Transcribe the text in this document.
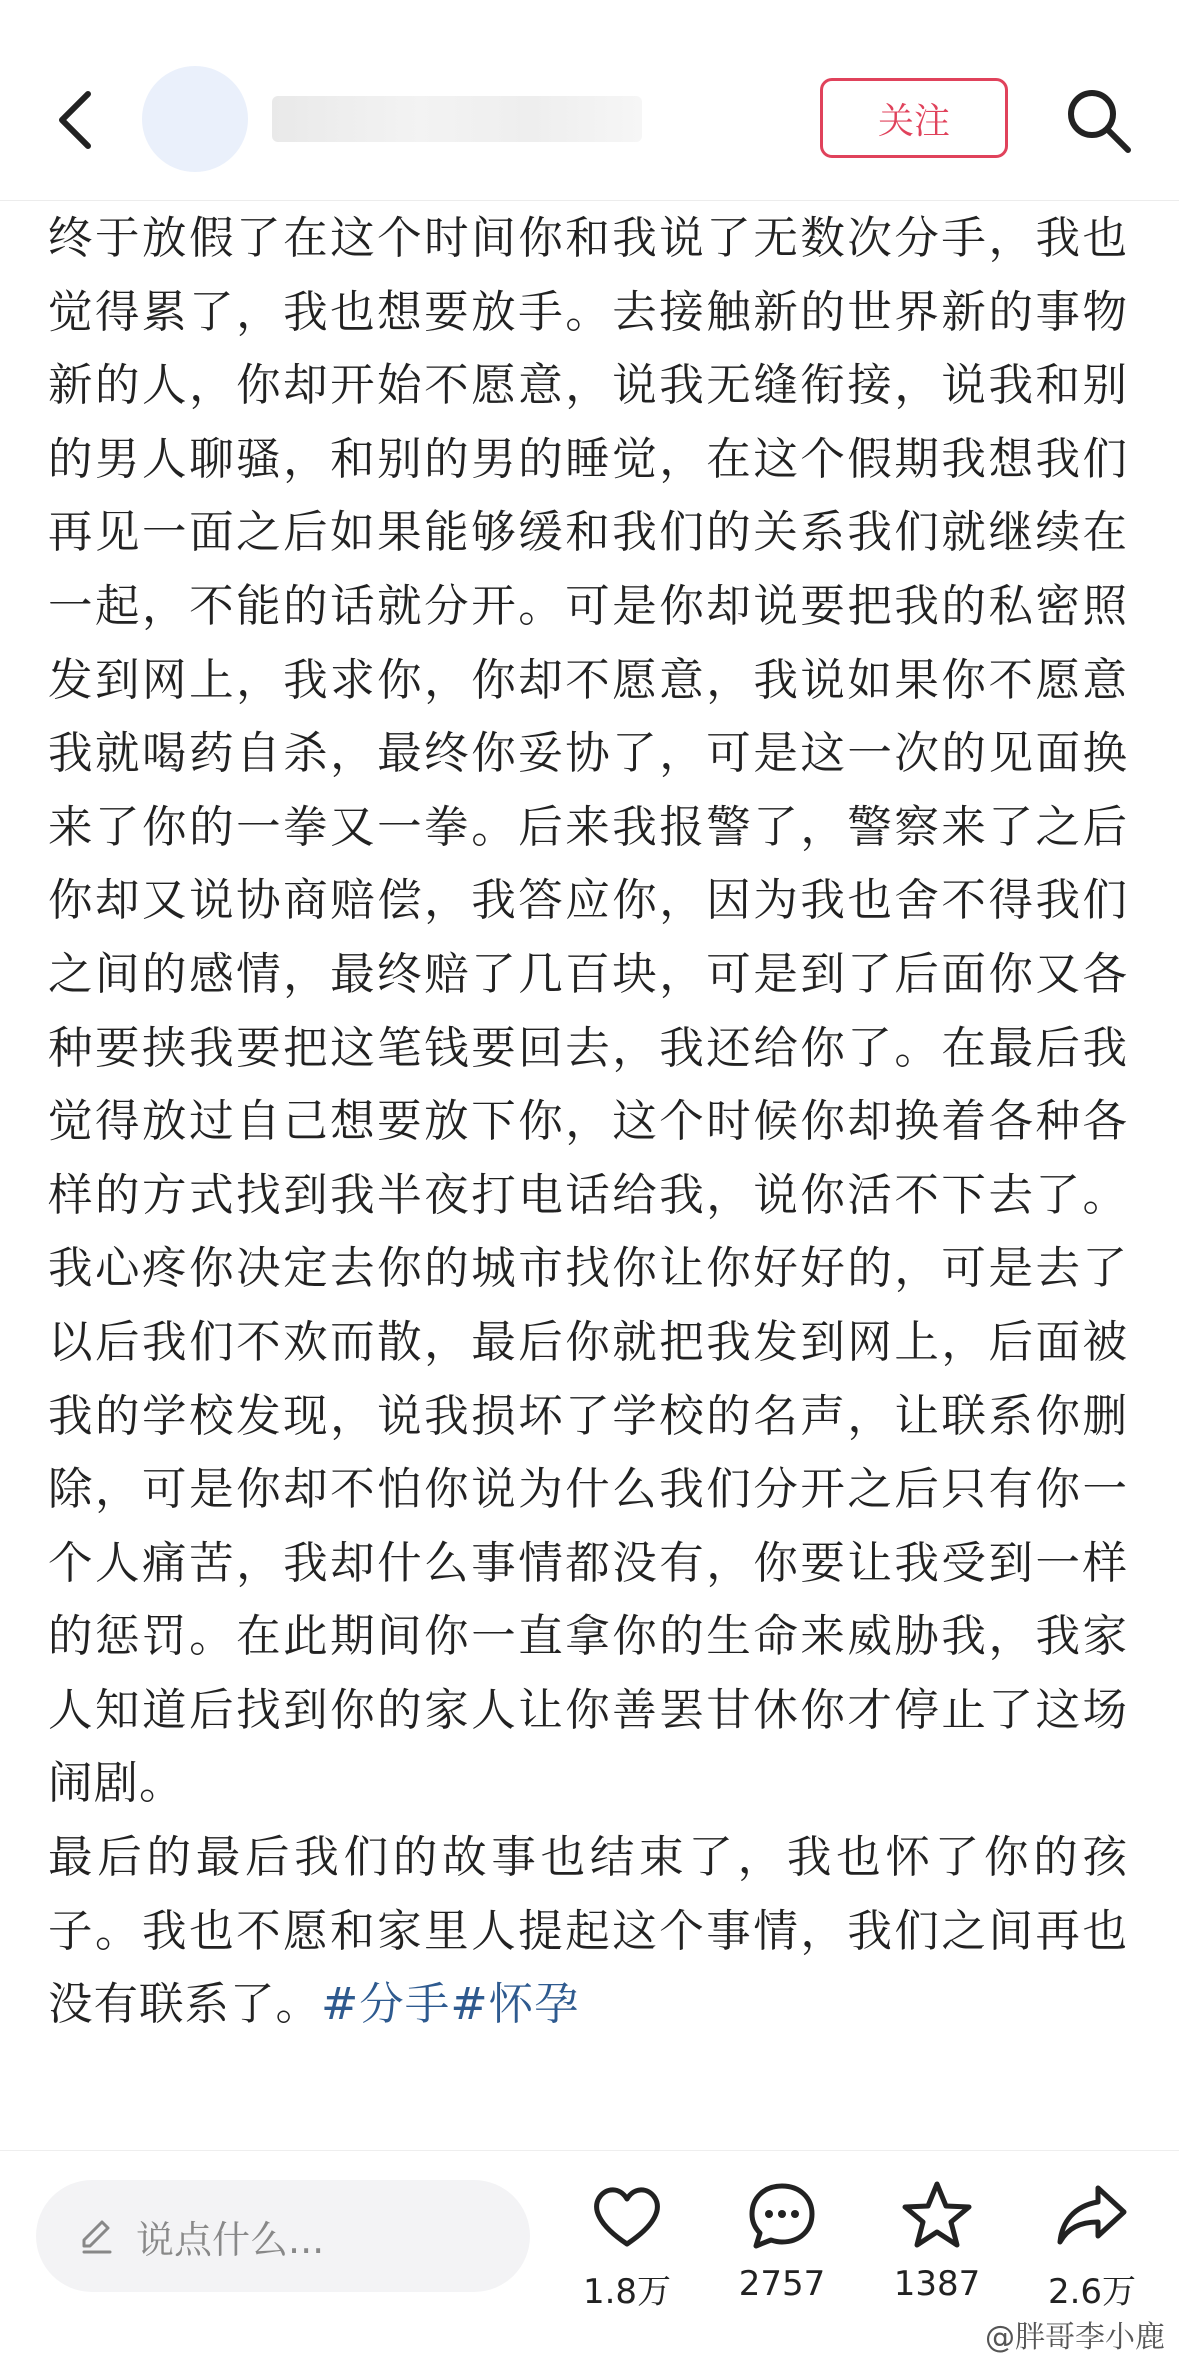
关注

终于放假了在这个时间你和我说了无数次分手，我也觉得累了，我也想要放手。去接触新的世界新的事物新的人，你却开始不愿意，说我无缝衔接，说我和别的男人聊骚，和别的男的睡觉，在这个假期我想我们再见一面之后如果能够缓和我们的关系我们就继续在一起，不能的话就分开。可是你却说要把我的私密照发到网上，我求你，你却不愿意，我说如果你不愿意我就喝药自杀，最终你妥协了，可是这一次的见面换来了你的一拳又一拳。后来我报警了，警察来了之后你却又说协商赔偿，我答应你，因为我也舍不得我们之间的感情，最终赔了几百块，可是到了后面你又各种要挟我要把这笔钱要回去，我还给你了。在最后我觉得放过自己想要放下你，这个时候你却换着各种各样的方式找到我半夜打电话给我，说你活不下去了。我心疼你决定去你的城市找你让你好好的，可是去了以后我们不欢而散，最后你就把我发到网上，后面被我的学校发现，说我损坏了学校的名声，让联系你删除，可是你却不怕你说为什么我们分开之后只有你一个人痛苦，我却什么事情都没有，你要让我受到一样的惩罚。在此期间你一直拿你的生命来威胁我，我家人知道后找到你的家人让你善罢甘休你才停止了这场闹剧。

最后的最后我们的故事也结束了，我也怀了你的孩子。我也不愿和家里人提起这个事情，我们之间再也没有联系了。#分手#怀孕

说点什么...
1.8万	2757	1387	2.6万
@胖哥李小鹿
